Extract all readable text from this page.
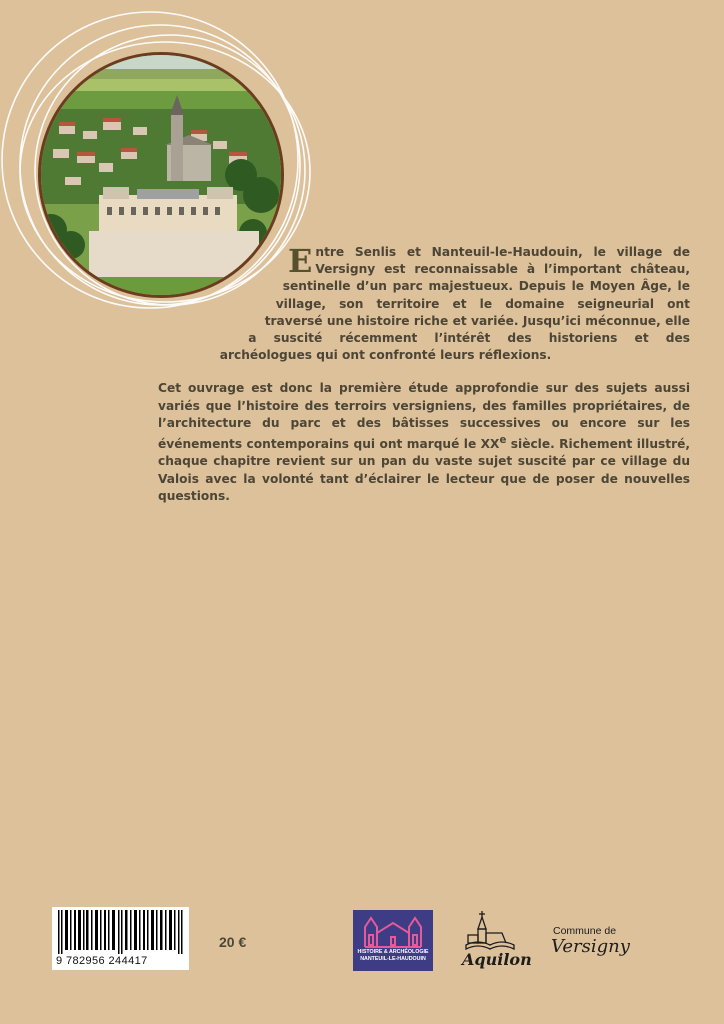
Entre Senlis et Nanteuil-le-Haudouin, le village de Versigny est reconnaissable à l’important château, sentinelle d’un parc majestueux. Depuis le Moyen Âge, le village, son territoire et le domaine seigneurial ont traversé une histoire riche et variée. Jusqu’ici méconnue, elle a suscité récemment l’intérêt des historiens et des archéologues qui ont confronté leurs réflexions.

Cet ouvrage est donc la première étude approfondie sur des sujets aussi variés que l’histoire des terroirs versigniens, des familles propriétaires, de l’architecture du parc et des bâtisses successives ou encore sur les événements contemporains qui ont marqué le XXe siècle. Richement illustré, chaque chapitre revient sur un pan du vaste sujet suscité par ce village du Valois avec la volonté tant d’éclairer le lecteur que de poser de nouvelles questions.

9 782956 244417
20 €
HISTOIRE & ARCHÉOLOGIE
NANTEUIL-LE-HAUDOUIN	Aquilon
Commune de
Versigny
